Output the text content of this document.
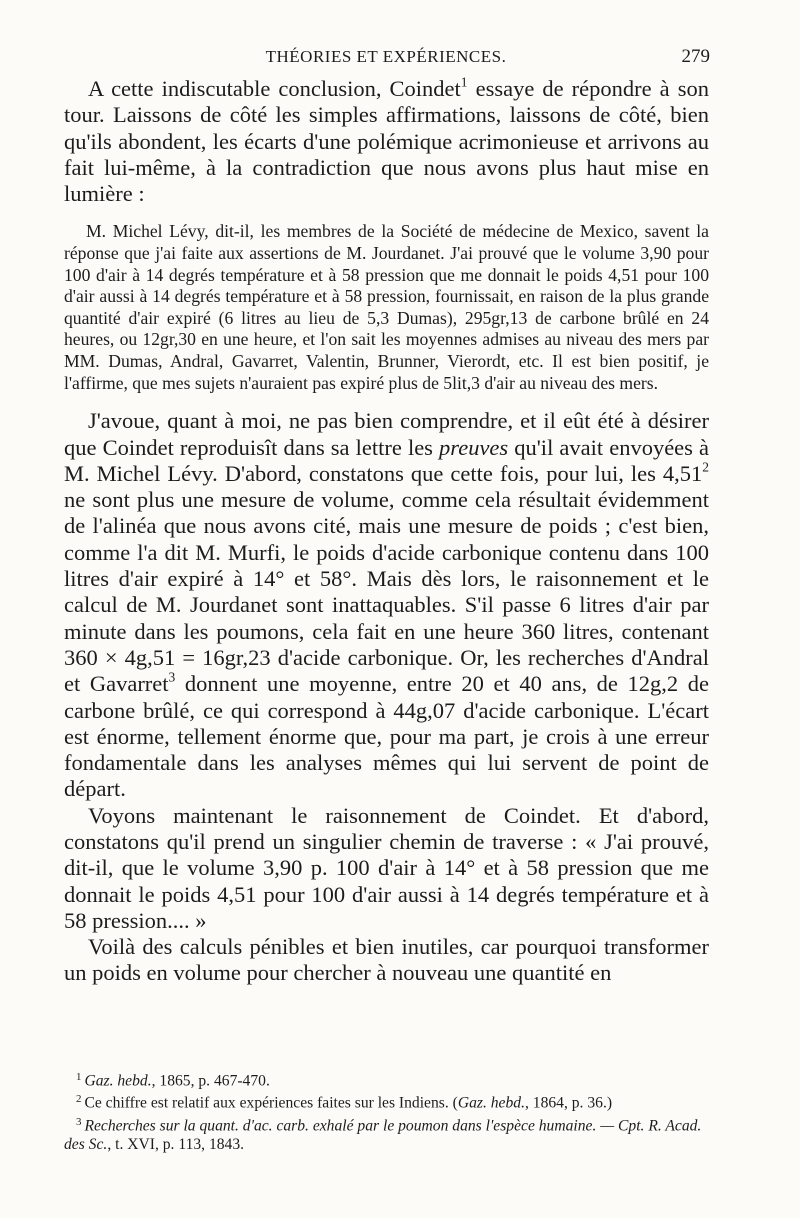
THÉORIES ET EXPÉRIENCES.	279

A cette indiscutable conclusion, Coindet$^1$ essaye de répondre à son tour. Laissons de côté les simples affirmations, laissons de côté, bien qu'ils abondent, les écarts d'une polémique acrimonieuse et arrivons au fait lui-même, à la contradiction que nous avons plus haut mise en lumière :

M. Michel Lévy, dit-il, les membres de la Société de médecine de Mexico, savent la réponse que j'ai faite aux assertions de M. Jourdanet. J'ai prouvé que le volume 3,90 pour 100 d'air à 14 degrés température et à 58 pression que me donnait le poids 4,51 pour 100 d'air aussi à 14 degrés température et à 58 pression, fournissait, en raison de la plus grande quantité d'air expiré (6 litres au lieu de 5,3 Dumas), 295gr,13 de carbone brûlé en 24 heures, ou 12gr,30 en une heure, et l'on sait les moyennes admises au niveau des mers par MM. Dumas, Andral, Gavarret, Valentin, Brunner, Vierordt, etc. Il est bien positif, je l'affirme, que mes sujets n'auraient pas expiré plus de 5lit,3 d'air au niveau des mers.

J'avoue, quant à moi, ne pas bien comprendre, et il eût été à désirer que Coindet reproduisît dans sa lettre les preuves qu'il avait envoyées à M. Michel Lévy. D'abord, constatons que cette fois, pour lui, les 4,51$^2$ ne sont plus une mesure de volume, comme cela résultait évidemment de l'alinéa que nous avons cité, mais une mesure de poids ; c'est bien, comme l'a dit M. Murfi, le poids d'acide carbonique contenu dans 100 litres d'air expiré à 14° et 58°. Mais dès lors, le raisonnement et le calcul de M. Jourdanet sont inattaquables. S'il passe 6 litres d'air par minute dans les poumons, cela fait en une heure 360 litres, contenant 360 × 4g,51 = 16gr,23 d'acide carbonique. Or, les recherches d'Andral et Gavarret$^3$ donnent une moyenne, entre 20 et 40 ans, de 12g,2 de carbone brûlé, ce qui correspond à 44g,07 d'acide carbonique. L'écart est énorme, tellement énorme que, pour ma part, je crois à une erreur fondamentale dans les analyses mêmes qui lui servent de point de départ.

Voyons maintenant le raisonnement de Coindet. Et d'abord, constatons qu'il prend un singulier chemin de traverse : « J'ai prouvé, dit-il, que le volume 3,90 p. 100 d'air à 14° et à 58 pression que me donnait le poids 4,51 pour 100 d'air aussi à 14 degrés température et à 58 pression.... »

Voilà des calculs pénibles et bien inutiles, car pourquoi transformer un poids en volume pour chercher à nouveau une quantité en

$^1$ Gaz. hebd., 1865, p. 467-470.

$^2$ Ce chiffre est relatif aux expériences faites sur les Indiens. (Gaz. hebd., 1864, p. 36.)

$^3$ Recherches sur la quant. d'ac. carb. exhalé par le poumon dans l'espèce humaine. — Cpt. R. Acad. des Sc., t. XVI, p. 113, 1843.
